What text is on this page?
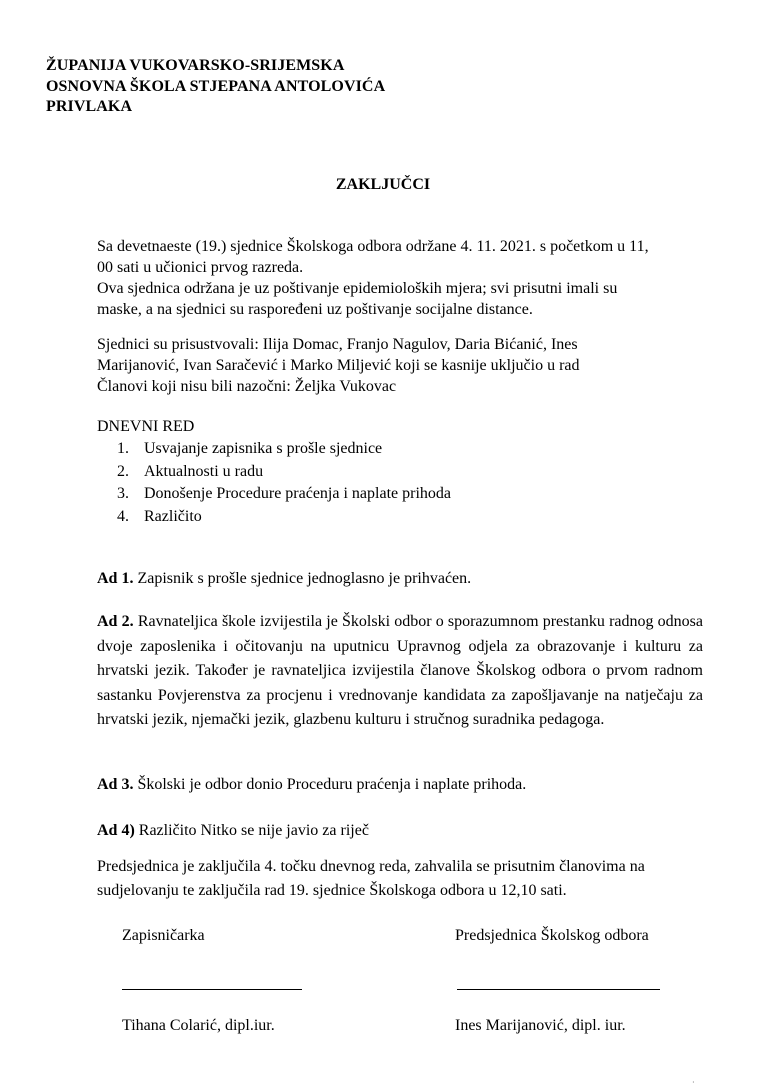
ŽUPANIJA VUKOVARSKO-SRIJEMSKA
OSNOVNA ŠKOLA STJEPANA ANTOLOVIĆA
PRIVLAKA
ZAKLJUČCI

Sa devetnaeste (19.) sjednice Školskoga odbora održane 4. 11. 2021. s početkom u 11,

00 sati u učionici prvog razreda.

Ova sjednica održana je uz poštivanje epidemioloških mjera; svi prisutni imali su

maske, a na sjednici su raspoređeni uz poštivanje socijalne distance.

Sjednici su prisustvovali: Ilija Domac, Franjo Nagulov, Daria Bićanić, Ines

Marijanović, Ivan Saračević i Marko Miljević koji se kasnije uključio u rad

Članovi koji nisu bili nazočni: Željka Vukovac

DNEVNI RED
1. Usvajanje zapisnika s prošle sjednice
2. Aktualnosti u radu
3. Donošenje Procedure praćenja i naplate prihoda
4. Različito
Ad 1. Zapisnik s prošle sjednice jednoglasno je prihvaćen.
Ad 2. Ravnateljica škole izvijestila je Školski odbor o sporazumnom prestanku radnog odnosa dvoje zaposlenika i očitovanju na uputnicu Upravnog odjela za obrazovanje i kulturu za hrvatski jezik. Također je ravnateljica izvijestila članove Školskog odbora o prvom radnom sastanku Povjerenstva za procjenu i vrednovanje kandidata za zapošljavanje na natječaju za hrvatski jezik, njemački jezik, glazbenu kulturu i stručnog suradnika pedagoga.
Ad 3. Školski je odbor donio Proceduru praćenja i naplate prihoda.
Ad 4) Različito Nitko se nije javio za riječ
Predsjednica je zaključila 4. točku dnevnog reda, zahvalila se prisutnim članovima na
sudjelovanju te zaključila rad 19. sjednice Školskoga odbora u 12,10 sati.
Zapisničarka	Predsjednica Školskog odbora
Tihana Colarić, dipl.iur.	Ines Marijanović, dipl. iur.
·
